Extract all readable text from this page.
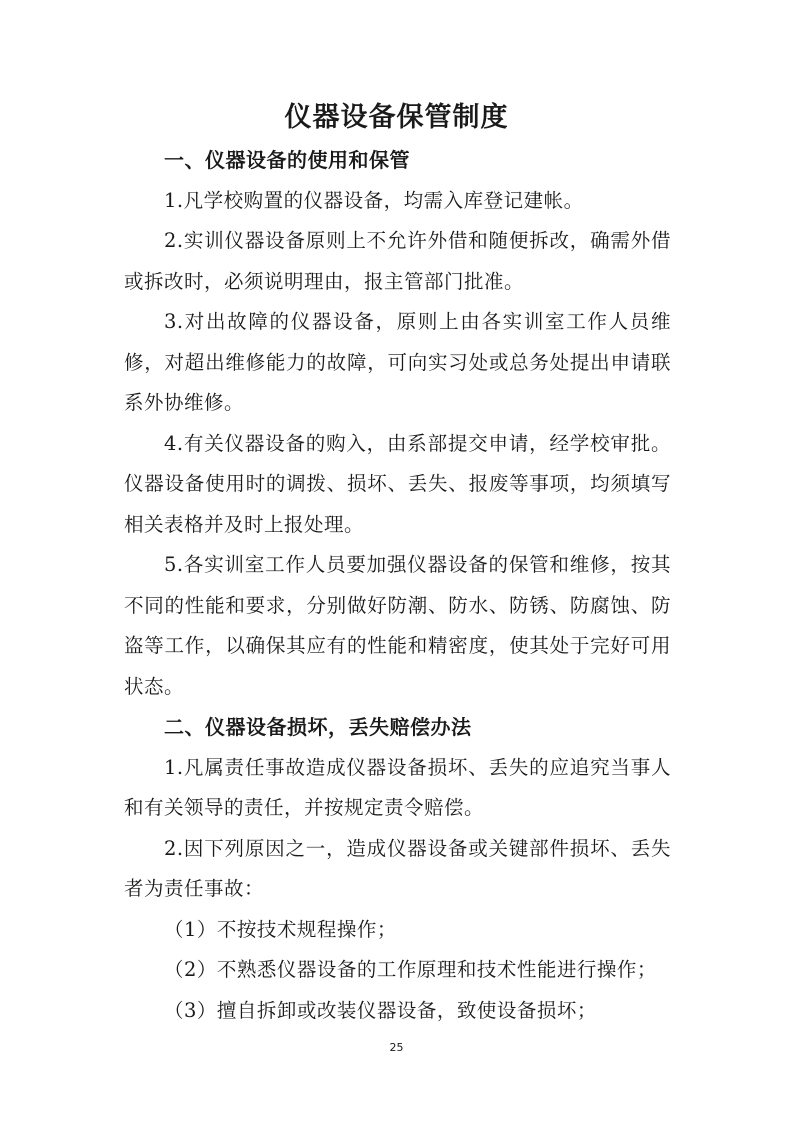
仪器设备保管制度

一、仪器设备的使用和保管

1.凡学校购置的仪器设备，均需入库登记建帐。

2.实训仪器设备原则上不允许外借和随便拆改，确需外借或拆改时，必须说明理由，报主管部门批准。

3.对出故障的仪器设备，原则上由各实训室工作人员维修，对超出维修能力的故障，可向实习处或总务处提出申请联系外协维修。

4.有关仪器设备的购入，由系部提交申请，经学校审批。仪器设备使用时的调拨、损坏、丢失、报废等事项，均须填写相关表格并及时上报处理。

5.各实训室工作人员要加强仪器设备的保管和维修，按其不同的性能和要求，分别做好防潮、防水、防锈、防腐蚀、防盗等工作，以确保其应有的性能和精密度，使其处于完好可用状态。

二、仪器设备损坏，丢失赔偿办法

1.凡属责任事故造成仪器设备损坏、丢失的应追究当事人和有关领导的责任，并按规定责令赔偿。

2.因下列原因之一，造成仪器设备或关键部件损坏、丢失者为责任事故：

（1）不按技术规程操作；

（2）不熟悉仪器设备的工作原理和技术性能进行操作；

（3）擅自拆卸或改装仪器设备，致使设备损坏；

25
